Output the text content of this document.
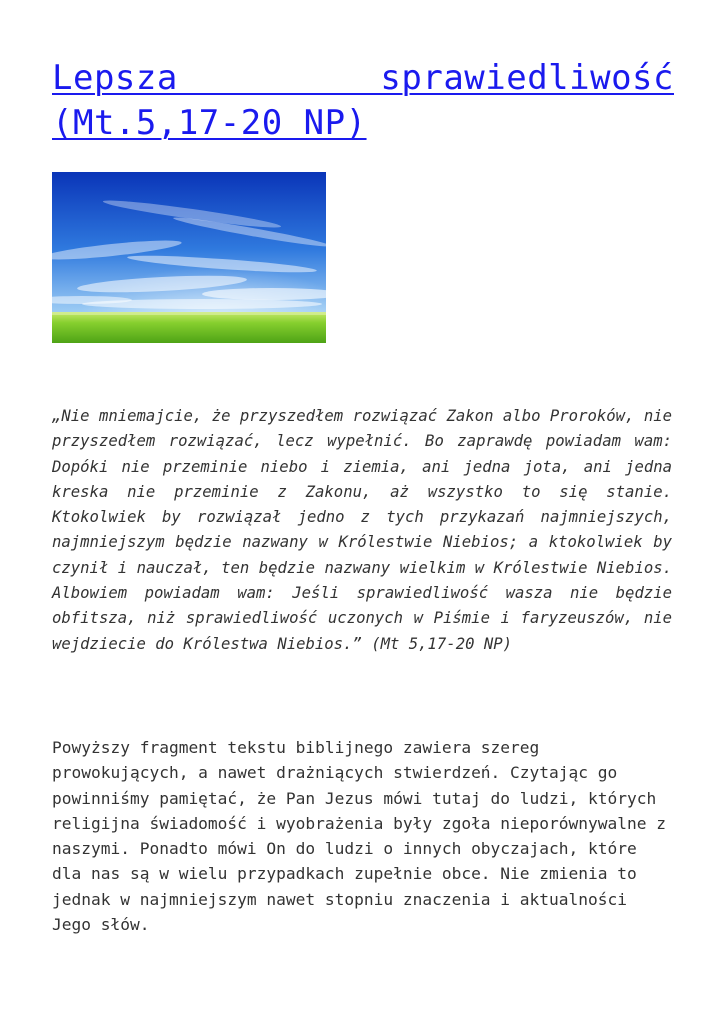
Lepsza sprawiedliwość (Mt.5,17-20 NP)

„Nie mniemajcie, że przyszedłem rozwiązać Zakon albo Proroków, nie przyszedłem rozwiązać, lecz wypełnić. Bo zaprawdę powiadam wam: Dopóki nie przeminie niebo i ziemia, ani jedna jota, ani jedna kreska nie przeminie z Zakonu, aż wszystko to się stanie. Ktokolwiek by rozwiązał jedno z tych przykazań najmniejszych, najmniejszym będzie nazwany w Królestwie Niebios; a ktokolwiek by czynił i nauczał, ten będzie nazwany wielkim w Królestwie Niebios. Albowiem powiadam wam: Jeśli sprawiedliwość wasza nie będzie obfitsza, niż sprawiedliwość uczonych w Piśmie i faryzeuszów, nie wejdziecie do Królestwa Niebios.” (Mt 5,17-20 NP)

Powyższy fragment tekstu biblijnego zawiera szereg prowokujących, a nawet drażniących stwierdzeń. Czytając go powinniśmy pamiętać, że Pan Jezus mówi tutaj do ludzi, których religijna świadomość i wyobrażenia były zgoła nieporównywalne z naszymi. Ponadto mówi On do ludzi o innych obyczajach, które dla nas są w wielu przypadkach zupełnie obce. Nie zmienia to jednak w najmniejszym nawet stopniu znaczenia i aktualności Jego słów.
